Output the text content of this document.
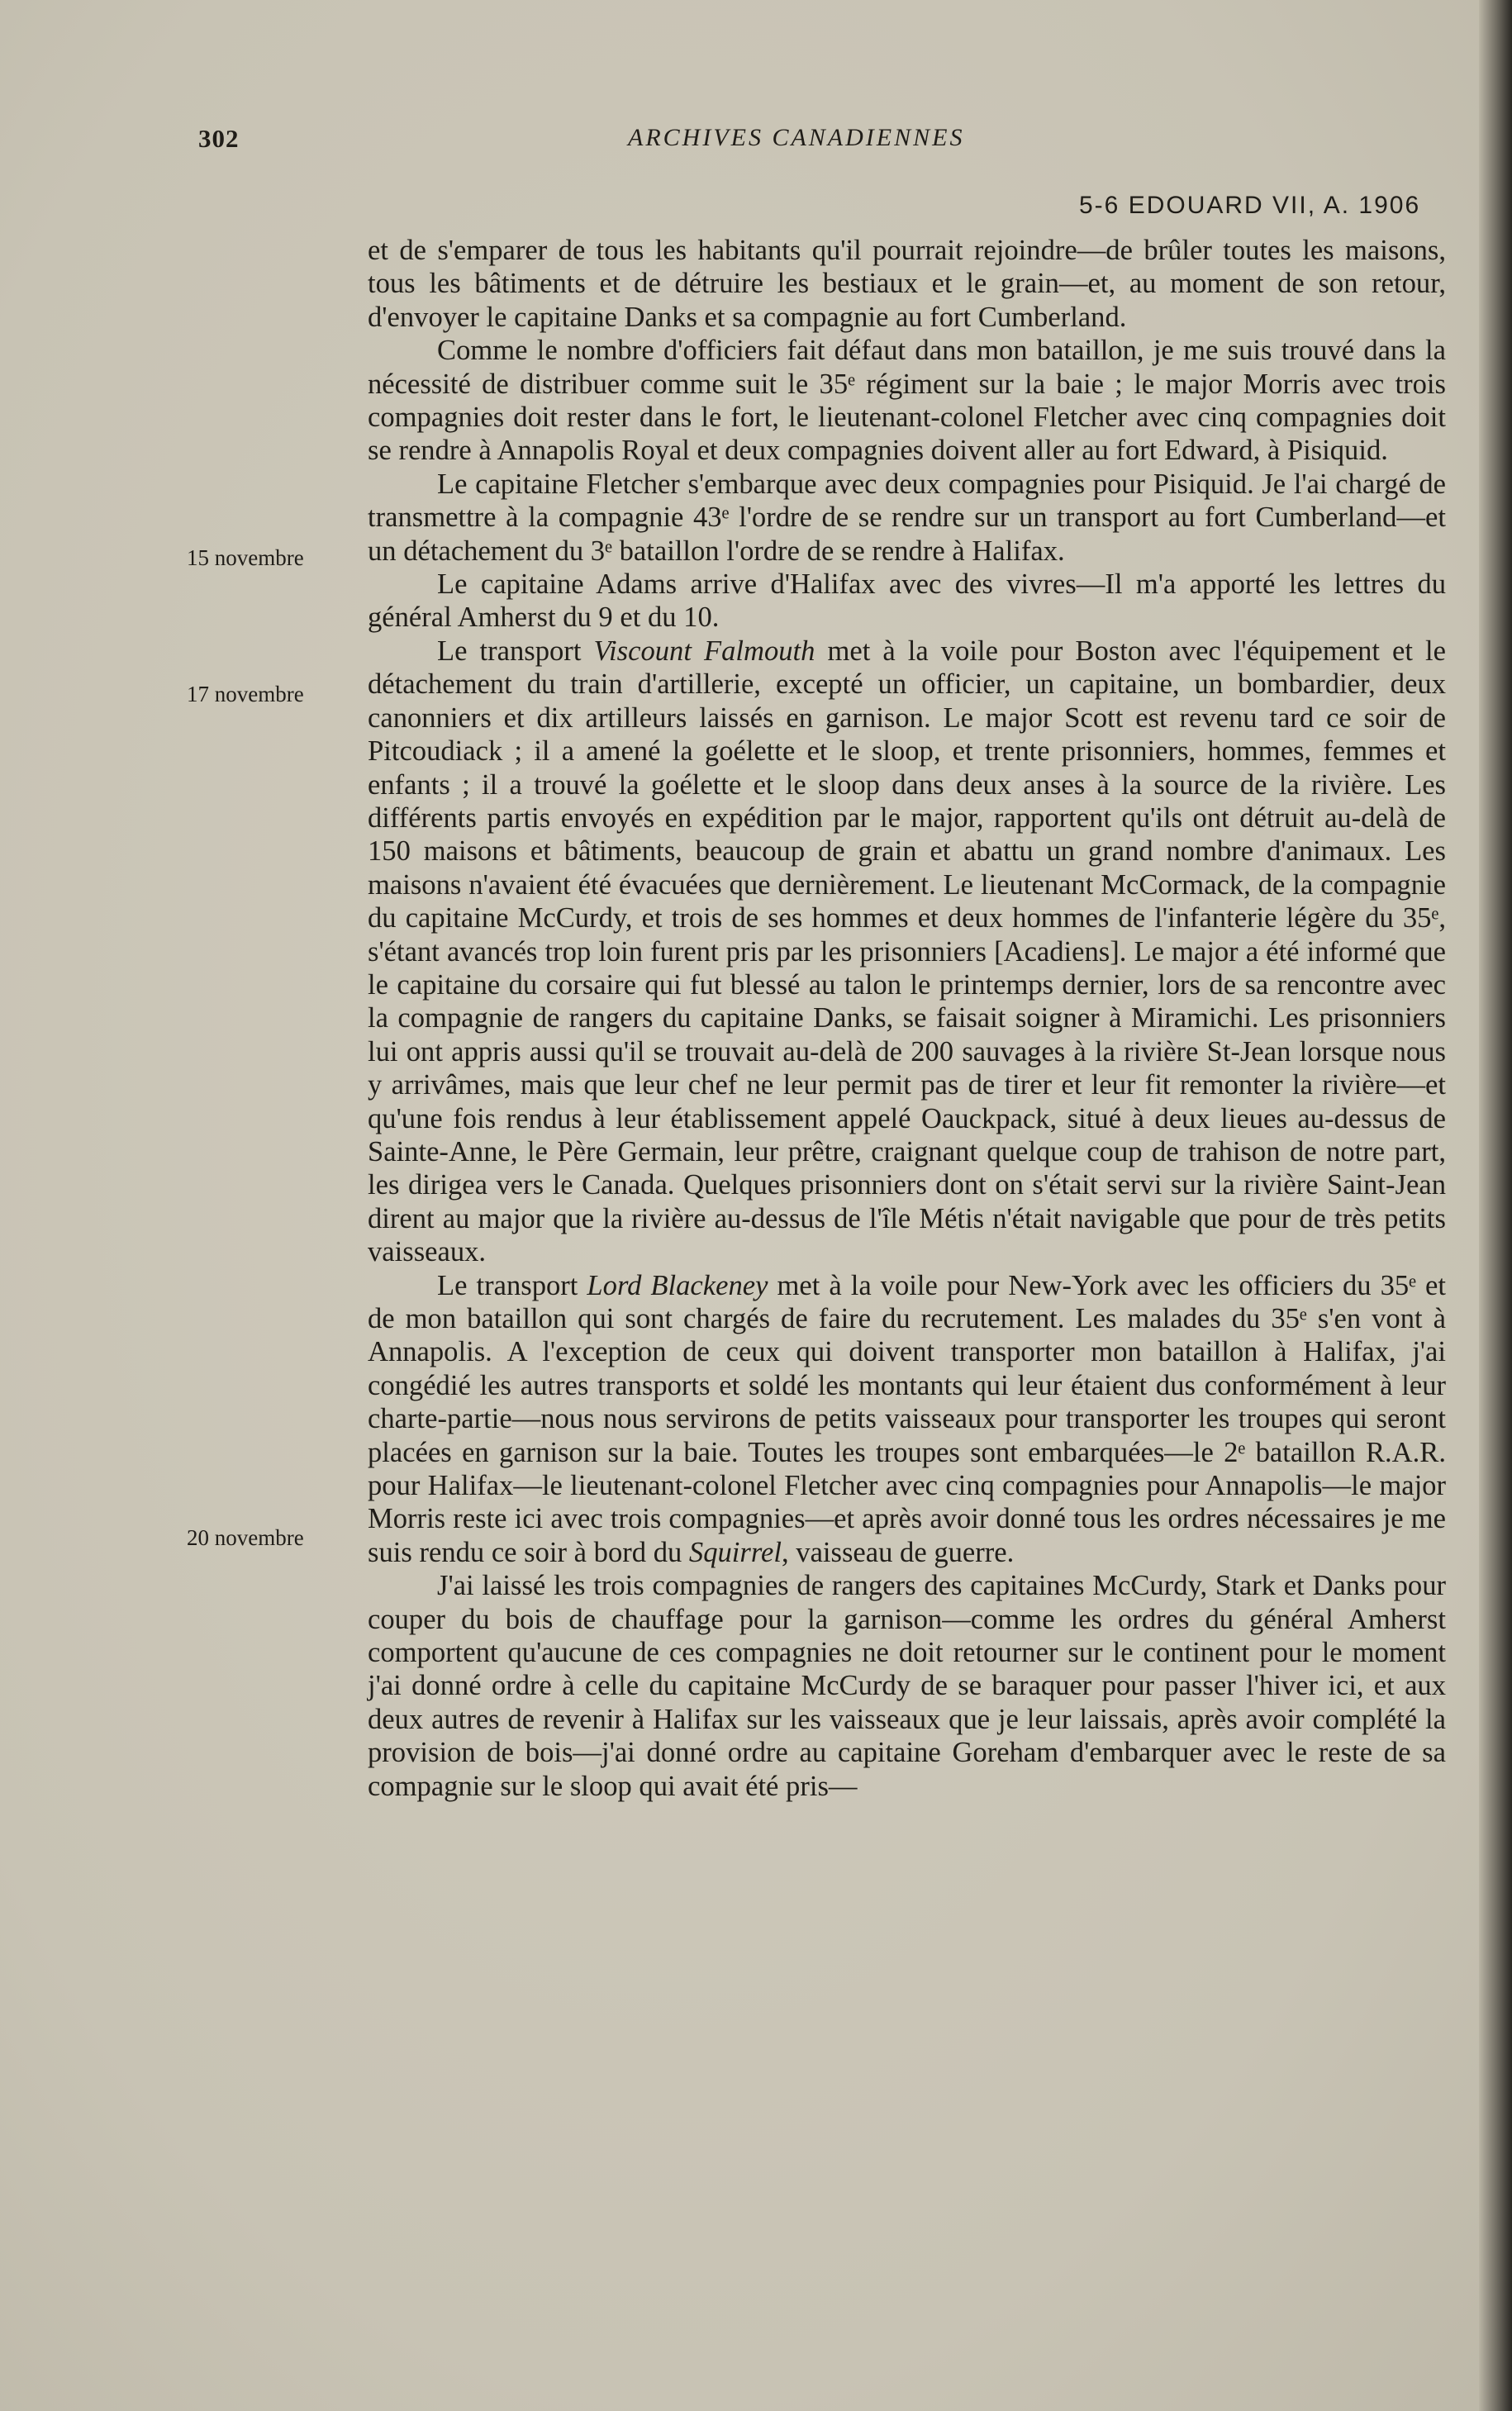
302	ARCHIVES CANADIENNES
5-6 EDOUARD VII, A. 1906
15 novembre
17 novembre
20 novembre

et de s'emparer de tous les habitants qu'il pourrait rejoindre—de brûler toutes les maisons, tous les bâtiments et de détruire les bestiaux et le grain—et, au moment de son retour, d'envoyer le capitaine Danks et sa compagnie au fort Cumberland.

Comme le nombre d'officiers fait défaut dans mon bataillon, je me suis trouvé dans la nécessité de distribuer comme suit le 35ᵉ régiment sur la baie ; le major Morris avec trois compagnies doit rester dans le fort, le lieutenant-colonel Fletcher avec cinq compagnies doit se rendre à Annapolis Royal et deux compagnies doivent aller au fort Edward, à Pisiquid.

Le capitaine Fletcher s'embarque avec deux compagnies pour Pisiquid. Je l'ai chargé de transmettre à la compagnie 43ᵉ l'ordre de se rendre sur un transport au fort Cumberland—et un détachement du 3ᵉ bataillon l'ordre de se rendre à Halifax.

Le capitaine Adams arrive d'Halifax avec des vivres—Il m'a apporté les lettres du général Amherst du 9 et du 10.

Le transport Viscount Falmouth met à la voile pour Boston avec l'équipement et le détachement du train d'artillerie, excepté un officier, un capitaine, un bombardier, deux canonniers et dix artilleurs laissés en garnison. Le major Scott est revenu tard ce soir de Pitcoudiack ; il a amené la goélette et le sloop, et trente prisonniers, hommes, femmes et enfants ; il a trouvé la goélette et le sloop dans deux anses à la source de la rivière. Les différents partis envoyés en expédition par le major, rapportent qu'ils ont détruit au-delà de 150 maisons et bâtiments, beaucoup de grain et abattu un grand nombre d'animaux. Les maisons n'avaient été évacuées que dernièrement. Le lieutenant McCormack, de la compagnie du capitaine McCurdy, et trois de ses hommes et deux hommes de l'infanterie légère du 35ᵉ, s'étant avancés trop loin furent pris par les prisonniers [Acadiens]. Le major a été informé que le capitaine du corsaire qui fut blessé au talon le printemps dernier, lors de sa rencontre avec la compagnie de rangers du capitaine Danks, se faisait soigner à Miramichi. Les prisonniers lui ont appris aussi qu'il se trouvait au-delà de 200 sauvages à la rivière St-Jean lorsque nous y arrivâmes, mais que leur chef ne leur permit pas de tirer et leur fit remonter la rivière—et qu'une fois rendus à leur établissement appelé Oauckpack, situé à deux lieues au-dessus de Sainte-Anne, le Père Germain, leur prêtre, craignant quelque coup de trahison de notre part, les dirigea vers le Canada. Quelques prisonniers dont on s'était servi sur la rivière Saint-Jean dirent au major que la rivière au-dessus de l'île Métis n'était navigable que pour de très petits vaisseaux.

Le transport Lord Blackeney met à la voile pour New-York avec les officiers du 35ᵉ et de mon bataillon qui sont chargés de faire du recrutement. Les malades du 35ᵉ s'en vont à Annapolis. A l'exception de ceux qui doivent transporter mon bataillon à Halifax, j'ai congédié les autres transports et soldé les montants qui leur étaient dus conformément à leur charte-partie—nous nous servirons de petits vaisseaux pour transporter les troupes qui seront placées en garnison sur la baie. Toutes les troupes sont embarquées—le 2ᵉ bataillon R.A.R. pour Halifax—le lieutenant-colonel Fletcher avec cinq compagnies pour Annapolis—le major Morris reste ici avec trois compagnies—et après avoir donné tous les ordres nécessaires je me suis rendu ce soir à bord du Squirrel, vaisseau de guerre.

J'ai laissé les trois compagnies de rangers des capitaines McCurdy, Stark et Danks pour couper du bois de chauffage pour la garnison—comme les ordres du général Amherst comportent qu'aucune de ces compagnies ne doit retourner sur le continent pour le moment j'ai donné ordre à celle du capitaine McCurdy de se baraquer pour passer l'hiver ici, et aux deux autres de revenir à Halifax sur les vaisseaux que je leur laissais, après avoir complété la provision de bois—j'ai donné ordre au capitaine Goreham d'embarquer avec le reste de sa compagnie sur le sloop qui avait été pris—
